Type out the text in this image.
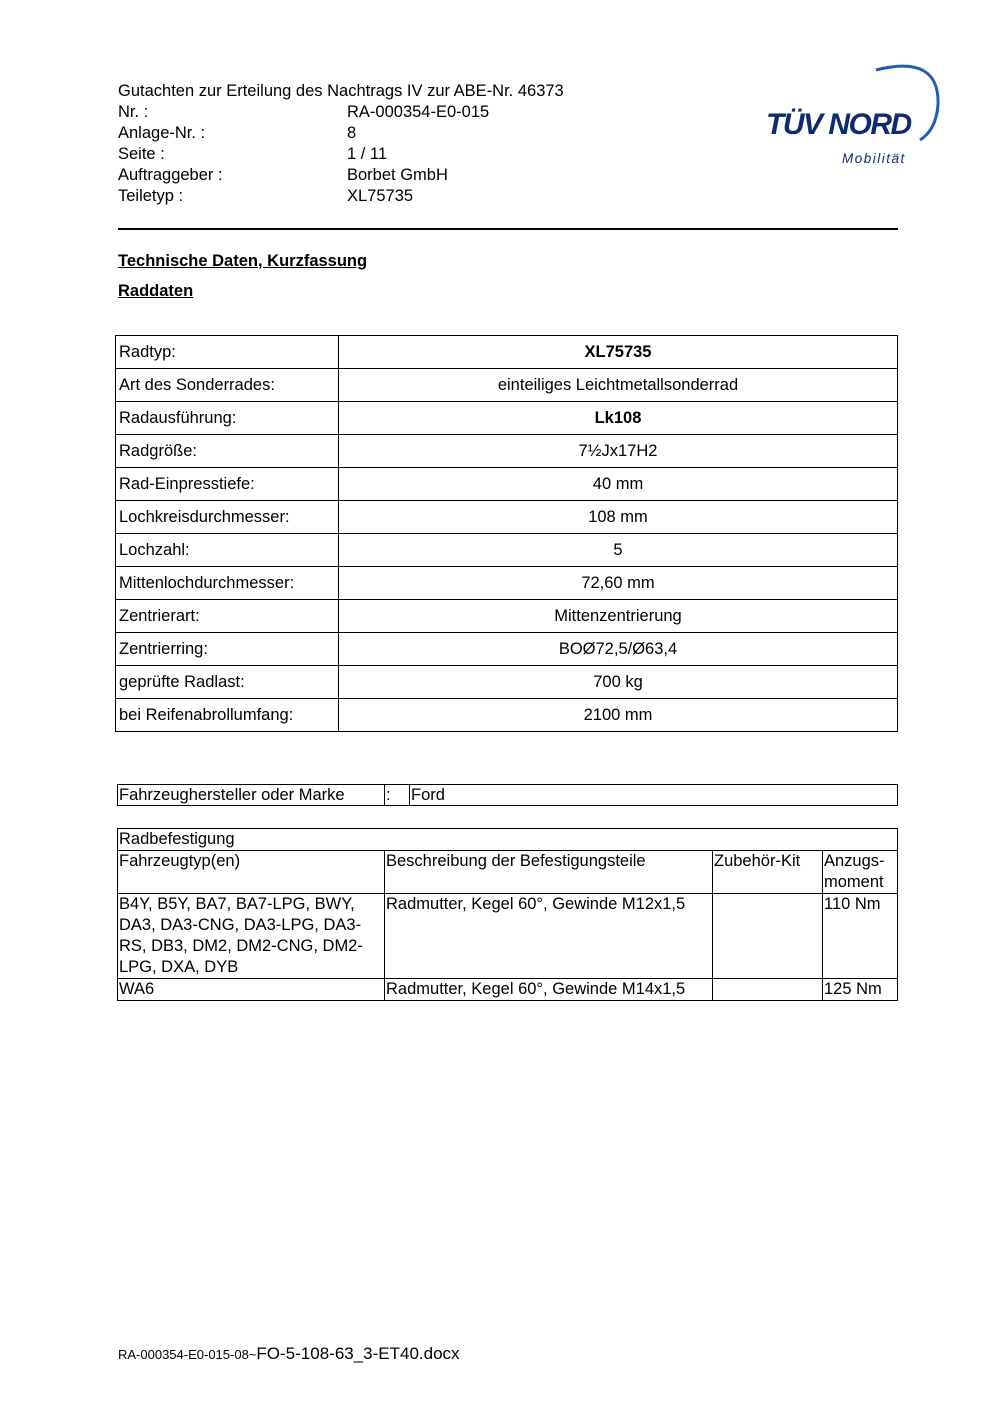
Gutachten zur Erteilung des Nachtrags IV zur ABE-Nr. 46373
Nr. :	RA-000354-E0-015
Anlage-Nr. :	8
Seite :	1 / 11
Auftraggeber :	Borbet GmbH
Teiletyp :	XL75735
TÜV NORD
Mobilität
Technische Daten, Kurzfassung
Raddaten
Radtyp:	XL75735
Art des Sonderrades:	einteiliges Leichtmetallsonderrad
Radausführung:	Lk108
Radgröße:	7½Jx17H2
Rad-Einpresstiefe:	40 mm
Lochkreisdurchmesser:	108 mm
Lochzahl:	5
Mittenlochdurchmesser:	72,60 mm
Zentrierart:	Mittenzentrierung
Zentrierring:	BOØ72,5/Ø63,4
geprüfte Radlast:	700 kg
bei Reifenabrollumfang:	2100 mm
Fahrzeughersteller oder Marke	:	Ford
Radbefestigung			
Fahrzeugtyp(en)	Beschreibung der Befestigungsteile	Zubehör-Kit	Anzugs-
moment
B4Y, B5Y, BA7, BA7-LPG, BWY, DA3, DA3-CNG, DA3-LPG, DA3-RS, DB3, DM2, DM2-CNG, DM2-LPG, DXA, DYB	Radmutter, Kegel 60°, Gewinde M12x1,5		110 Nm
WA6	Radmutter, Kegel 60°, Gewinde M14x1,5		125 Nm
RA-000354-E0-015-08~FO-5-108-63_3-ET40.docx
